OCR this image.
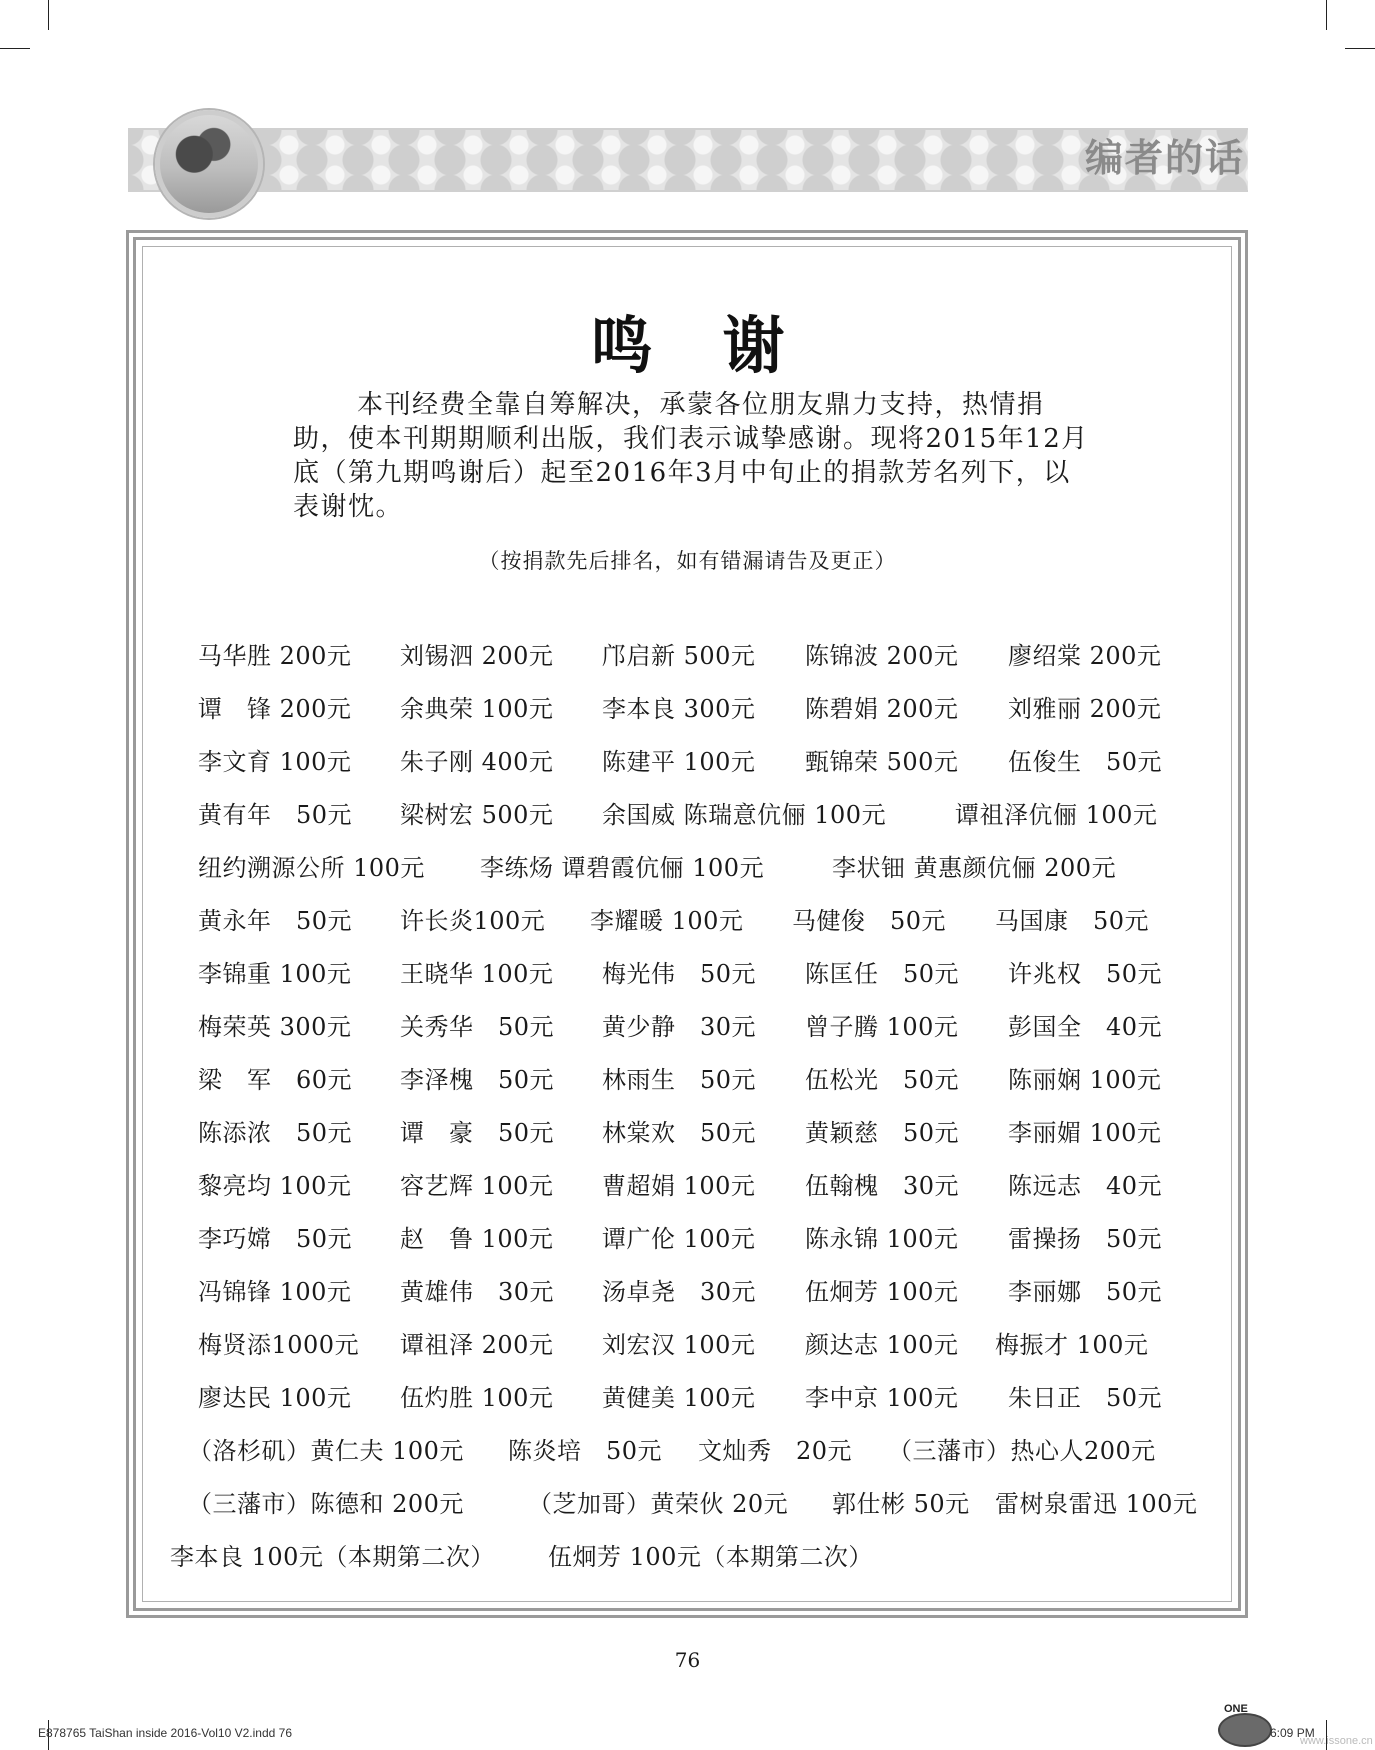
编者的话
鸣谢

本刊经费全靠自筹解决，承蒙各位朋友鼎力支持，热情捐助，使本刊期期顺利出版，我们表示诚挚感谢。现将2015年12月底（第九期鸣谢后）起至2016年3月中旬止的捐款芳名列下，以表谢忱。

（按捐款先后排名，如有错漏请告及更正）
马华胜 200元 刘锡泗 200元 邝启新 500元 陈锦波 200元 廖绍棠 200元
谭　锋 200元 余典荣 100元 李本良 300元 陈碧娟 200元 刘雅丽 200元
李文育 100元 朱子刚 400元 陈建平 100元 甄锦荣 500元 伍俊生　50元
黄有年　50元 梁树宏 500元 余国威 陈瑞意伉俪 100元	谭祖泽伉俪 100元
纽约溯源公所 100元 李练炀 谭碧霞伉俪 100元	李状钿 黄惠颜伉俪 200元
黄永年　50元 许长炎100元 李耀暖 100元 马健俊　50元 马国康　50元
李锦重 100元 王晓华 100元 梅光伟　50元 陈匡任　50元 许兆权　50元
梅荣英 300元 关秀华　50元 黄少静　30元 曾子腾 100元 彭国全　40元
梁　军　60元 李泽槐　50元 林雨生　50元 伍松光　50元 陈丽娴 100元
陈添浓　50元 谭　豪　50元 林棠欢　50元 黄颖慈　50元 李丽媚 100元
黎亮均 100元 容艺辉 100元 曹超娟 100元 伍翰槐　30元 陈远志　40元
李巧嫦　50元 赵　鲁 100元 谭广伦 100元 陈永锦 100元 雷操扬　50元
冯锦锋 100元 黄雄伟　30元 汤卓尧　30元 伍炯芳 100元 李丽娜　50元
梅贤添1000元 谭祖泽 200元 刘宏汉 100元 颜达志 100元 梅振才 100元
廖达民 100元 伍灼胜 100元 黄健美 100元 李中京 100元 朱日正　50元
（洛杉矶）黄仁夫 100元 陈炎培　50元 文灿秀　20元 （三藩市）热心人200元
（三藩市）陈德和 200元	（芝加哥）黄荣伙 20元 郭仕彬 50元 雷树泉雷迅 100元
李本良 100元（本期第二次） 伍炯芳 100元（本期第二次）
76
E878765 TaiShan inside 2016-Vol10 V2.indd 76
ONE
6:09 PM
www.issone.cn
